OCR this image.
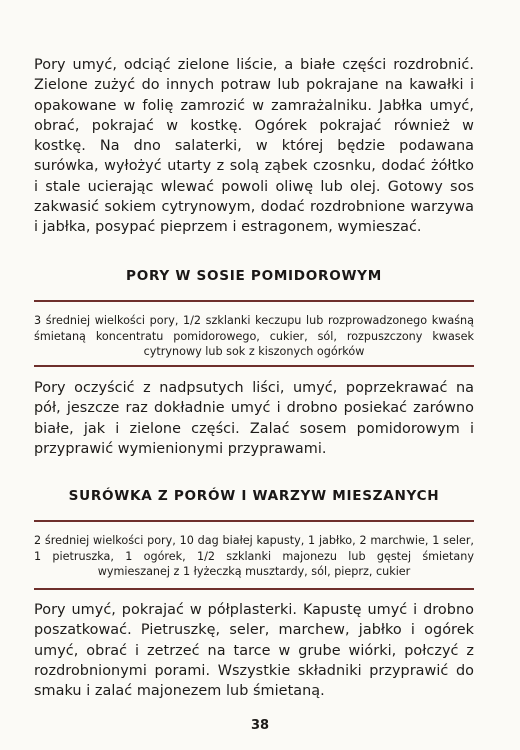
Pory umyć, odciąć zielone liście, a białe części rozdrobnić. Zielone zużyć do innych potraw lub pokrajane na kawałki i opakowane w folię zamrozić w zamrażalniku. Jabłka umyć, obrać, pokrajać w kostkę. Ogórek pokrajać również w kostkę. Na dno salaterki, w której będzie podawana surówka, wyłożyć utarty z solą ząbek czosnku, dodać żółtko i stale ucierając wlewać powoli oliwę lub olej. Gotowy sos zakwasić sokiem cytrynowym, dodać rozdrobnione warzywa i jabłka, posypać pieprzem i estragonem, wymieszać.

PORY W SOSIE POMIDOROWYM

3 średniej wielkości pory, 1/2 szklanki keczupu lub rozprowadzonego kwaśną śmietaną koncentratu pomidorowego, cukier, sól, rozpuszczony kwasek cytrynowy lub sok z kiszonych ogórków

Pory oczyścić z nadpsutych liści, umyć, poprzekrawać na pół, jeszcze raz dokładnie umyć i drobno posiekać zarówno białe, jak i zielone części. Zalać sosem pomidorowym i przyprawić wymienionymi przyprawami.

SURÓWKA Z PORÓW I WARZYW MIESZANYCH

2 średniej wielkości pory, 10 dag białej kapusty, 1 jabłko, 2 marchwie, 1 seler, 1 pietruszka, 1 ogórek, 1/2 szklanki majonezu lub gęstej śmietany wymieszanej z 1 łyżeczką musztardy, sól, pieprz, cukier

Pory umyć, pokrajać w półplasterki. Kapustę umyć i drobno poszatkować. Pietruszkę, seler, marchew, jabłko i ogórek umyć, obrać i zetrzeć na tarce w grube wiórki, połczyć z rozdrobnionymi porami. Wszystkie składniki przyprawić do smaku i zalać majonezem lub śmietaną.

38
